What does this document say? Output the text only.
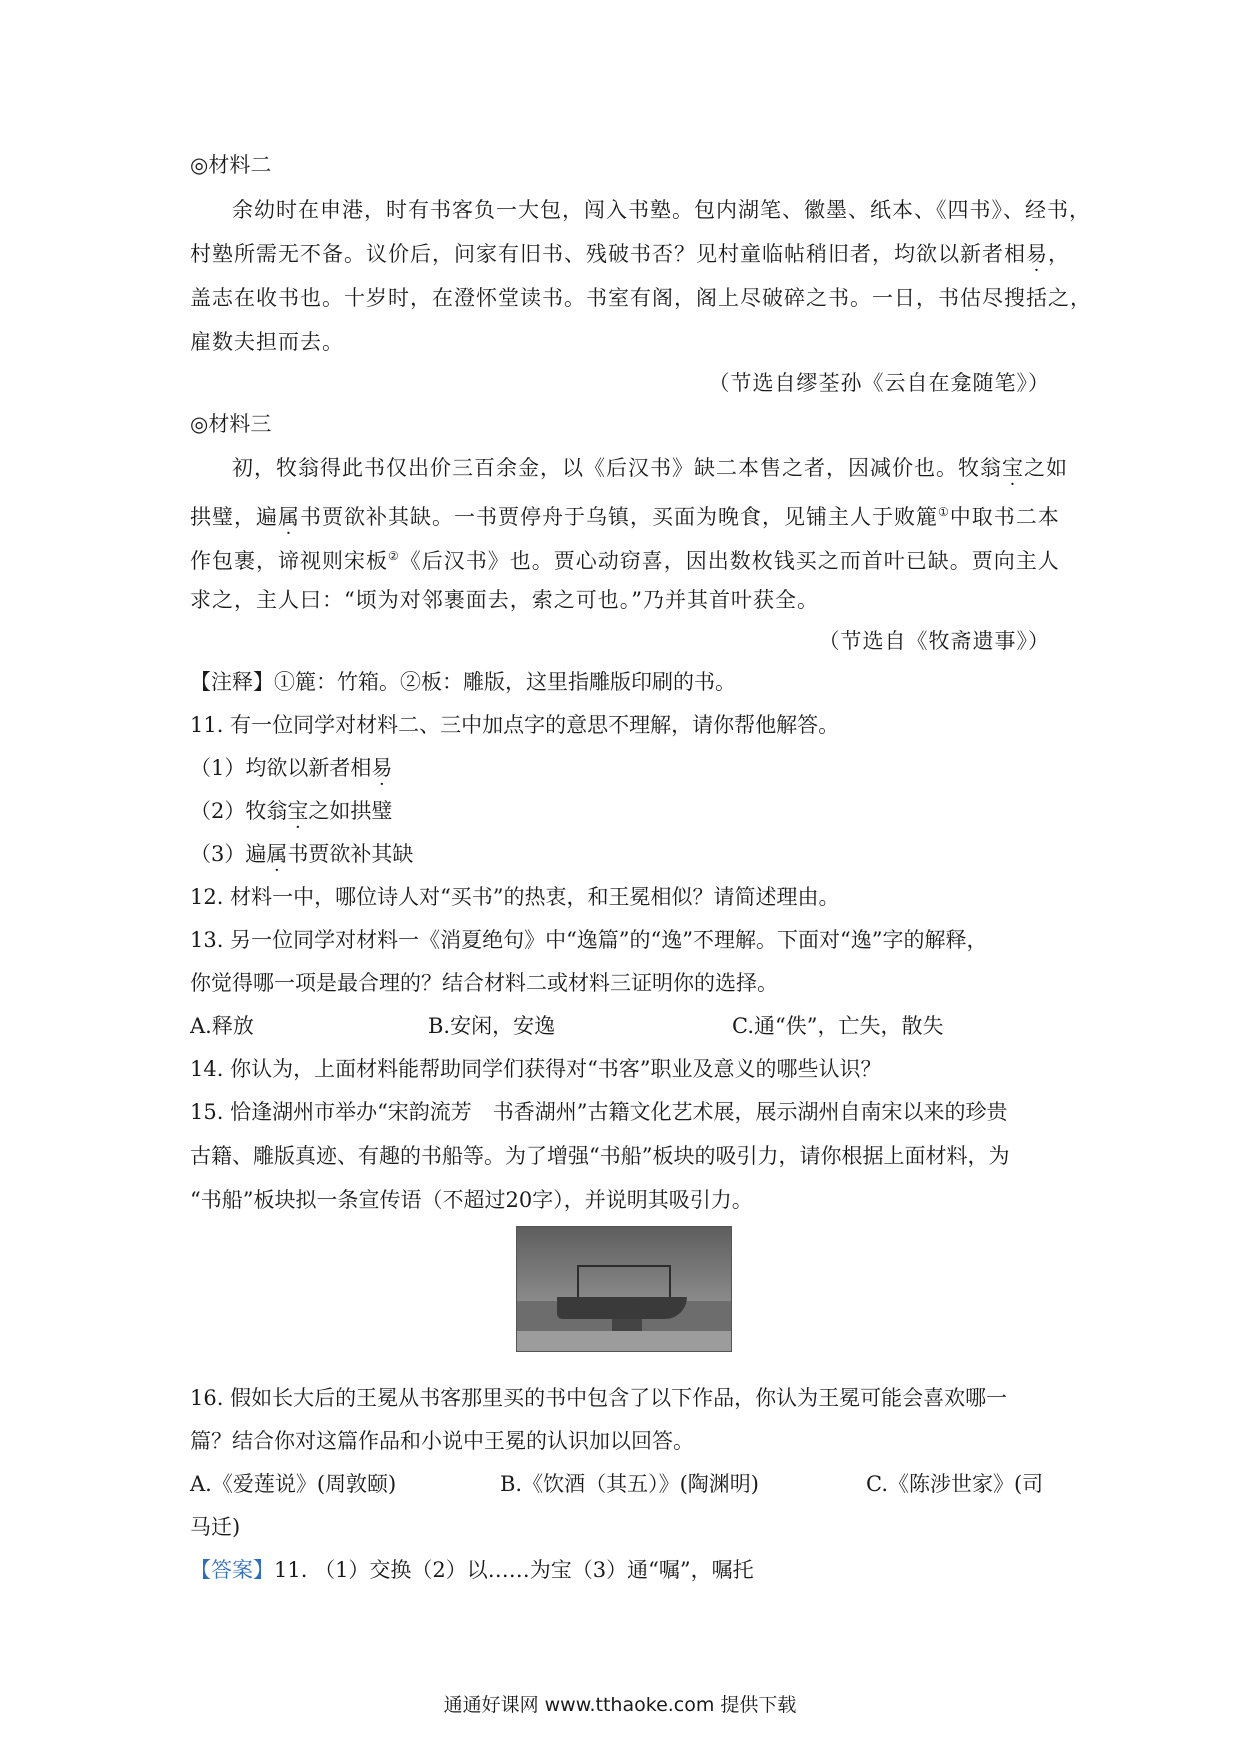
◎材料二
余幼时在申港，时有书客负一大包，闯入书塾。包内湖笔、徽墨、纸本、《四书》、经书，
村塾所需无不备。议价后，问家有旧书、残破书否？见村童临帖稍旧者，均欲以新者相易，
盖志在收书也。十岁时，在澄怀堂读书。书室有阁，阁上尽破碎之书。一日，书估尽搜括之，
雇数夫担而去。
（节选自缪荃孙《云自在龛随笔》）
◎材料三
初，牧翁得此书仅出价三百余金，以《后汉书》缺二本售之者，因减价也。牧翁宝之如
拱璧，遍属书贾欲补其缺。一书贾停舟于乌镇，买面为晚食，见铺主人于败簏①中取书二本
作包裹，谛视则宋板②《后汉书》也。贾心动窃喜，因出数枚钱买之而首叶已缺。贾向主人
求之，主人曰：“顷为对邻裹面去，索之可也。”乃并其首叶获全。
（节选自《牧斋遗事》）
【注释】①簏：竹箱。②板：雕版，这里指雕版印刷的书。
11. 有一位同学对材料二、三中加点字的意思不理解，请你帮他解答。
（1）均欲以新者相易
（2）牧翁宝之如拱璧
（3）遍属书贾欲补其缺
12. 材料一中，哪位诗人对“买书”的热衷，和王冕相似？请简述理由。
13. 另一位同学对材料一《消夏绝句》中“逸篇”的“逸”不理解。下面对“逸”字的解释，
你觉得哪一项是最合理的？结合材料二或材料三证明你的选择。
A.释放	B.安闲，安逸	C.通“佚”，亡失，散失
14. 你认为，上面材料能帮助同学们获得对“书客”职业及意义的哪些认识？
15. 恰逢湖州市举办“宋韵流芳　书香湖州”古籍文化艺术展，展示湖州自南宋以来的珍贵
古籍、雕版真迹、有趣的书船等。为了增强“书船”板块的吸引力，请你根据上面材料，为
“书船”板块拟一条宣传语（不超过20字），并说明其吸引力。
16. 假如长大后的王冕从书客那里买的书中包含了以下作品，你认为王冕可能会喜欢哪一
篇？结合你对这篇作品和小说中王冕的认识加以回答。
A.《爱莲说》(周敦颐)	B.《饮酒（其五）》(陶渊明)	C.《陈涉世家》(司
马迁)
【答案】11. （1）交换（2）以……为宝（3）通“嘱”，嘱托
通通好课网 www.tthaoke.com 提供下载
